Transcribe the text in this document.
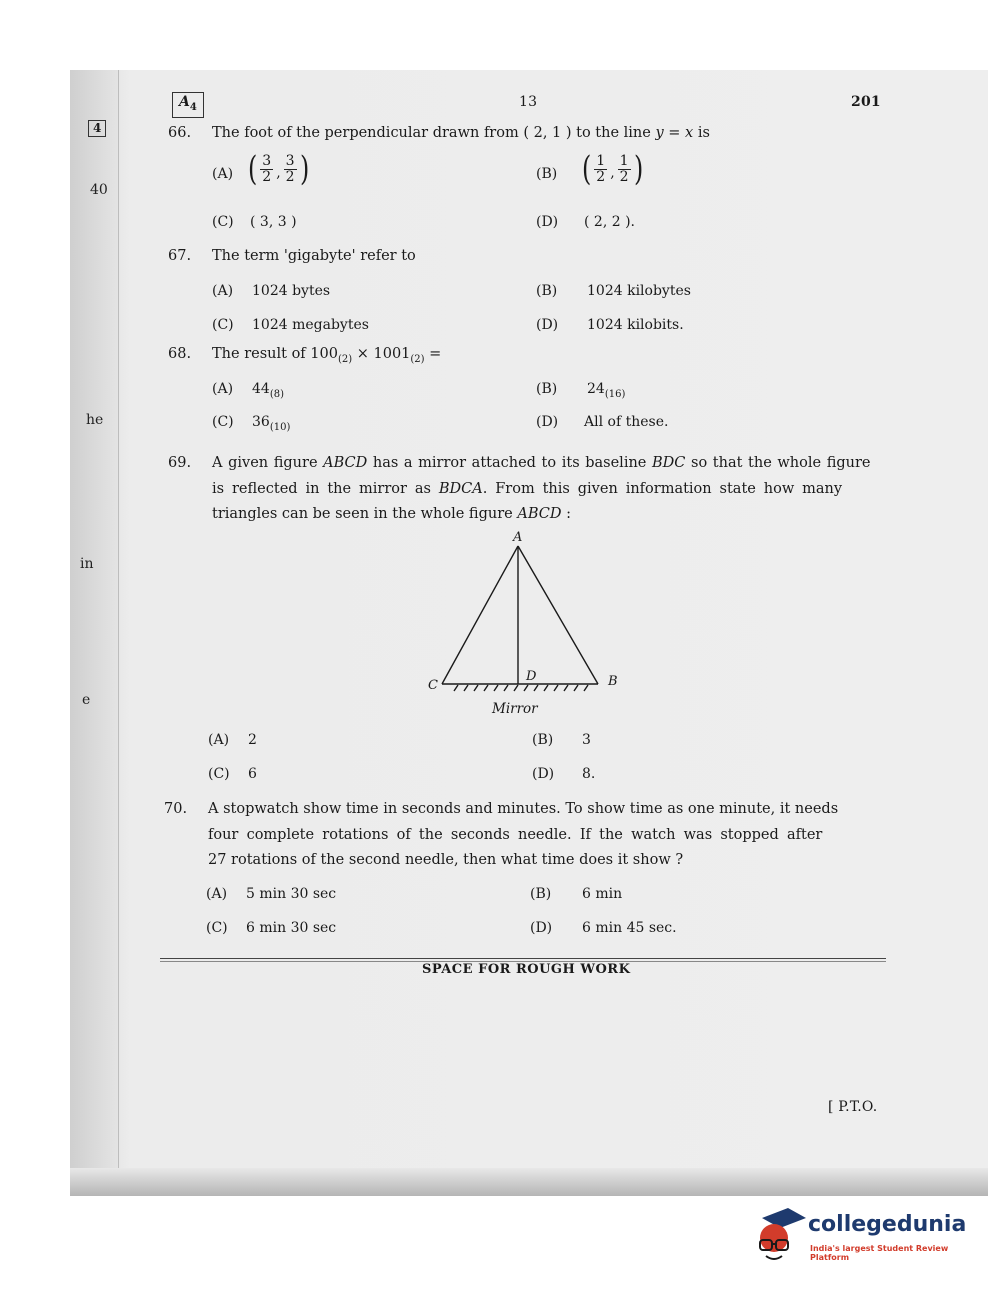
4
40
he
in
e
$A_4$	13	201
66. The foot of the perpendicular drawn from ( 2, 1 ) to the line y = x is
(A) ( $\frac{3}{2}$ , $\frac{3}{2}$ )	(B) ( $\frac{1}{2}$ , $\frac{1}{2}$ )
(C) ( 3, 3 )	(D) ( 2, 2 ).
67. The term 'gigabyte' refer to
(A) 1024 bytes	(B) 1024 kilobytes
(C) 1024 megabytes	(D) 1024 kilobits.
68. The result of $100_{(2)} \times 1001_{(2)}$ =
(A) $44_{(8)}$	(B) $24_{(16)}$
(C) $36_{(10)}$	(D) All of these.
69. A given figure ABCD has a mirror attached to its baseline BDC so that the whole figure
is reflected in the mirror as BDCA. From this given information state how many
triangles can be seen in the whole figure ABCD :
A
C	B
D
Mirror
(A) 2	(B) 3
(C) 6	(D) 8.
70. A stopwatch show time in seconds and minutes. To show time as one minute, it needs
four complete rotations of the seconds needle. If the watch was stopped after
27 rotations of the second needle, then what time does it show ?
(A) 5 min 30 sec	(B) 6 min
(C) 6 min 30 sec	(D) 6 min 45 sec.
SPACE FOR ROUGH WORK
[ P.T.O.
collegedunia
India's largest Student Review Platform
